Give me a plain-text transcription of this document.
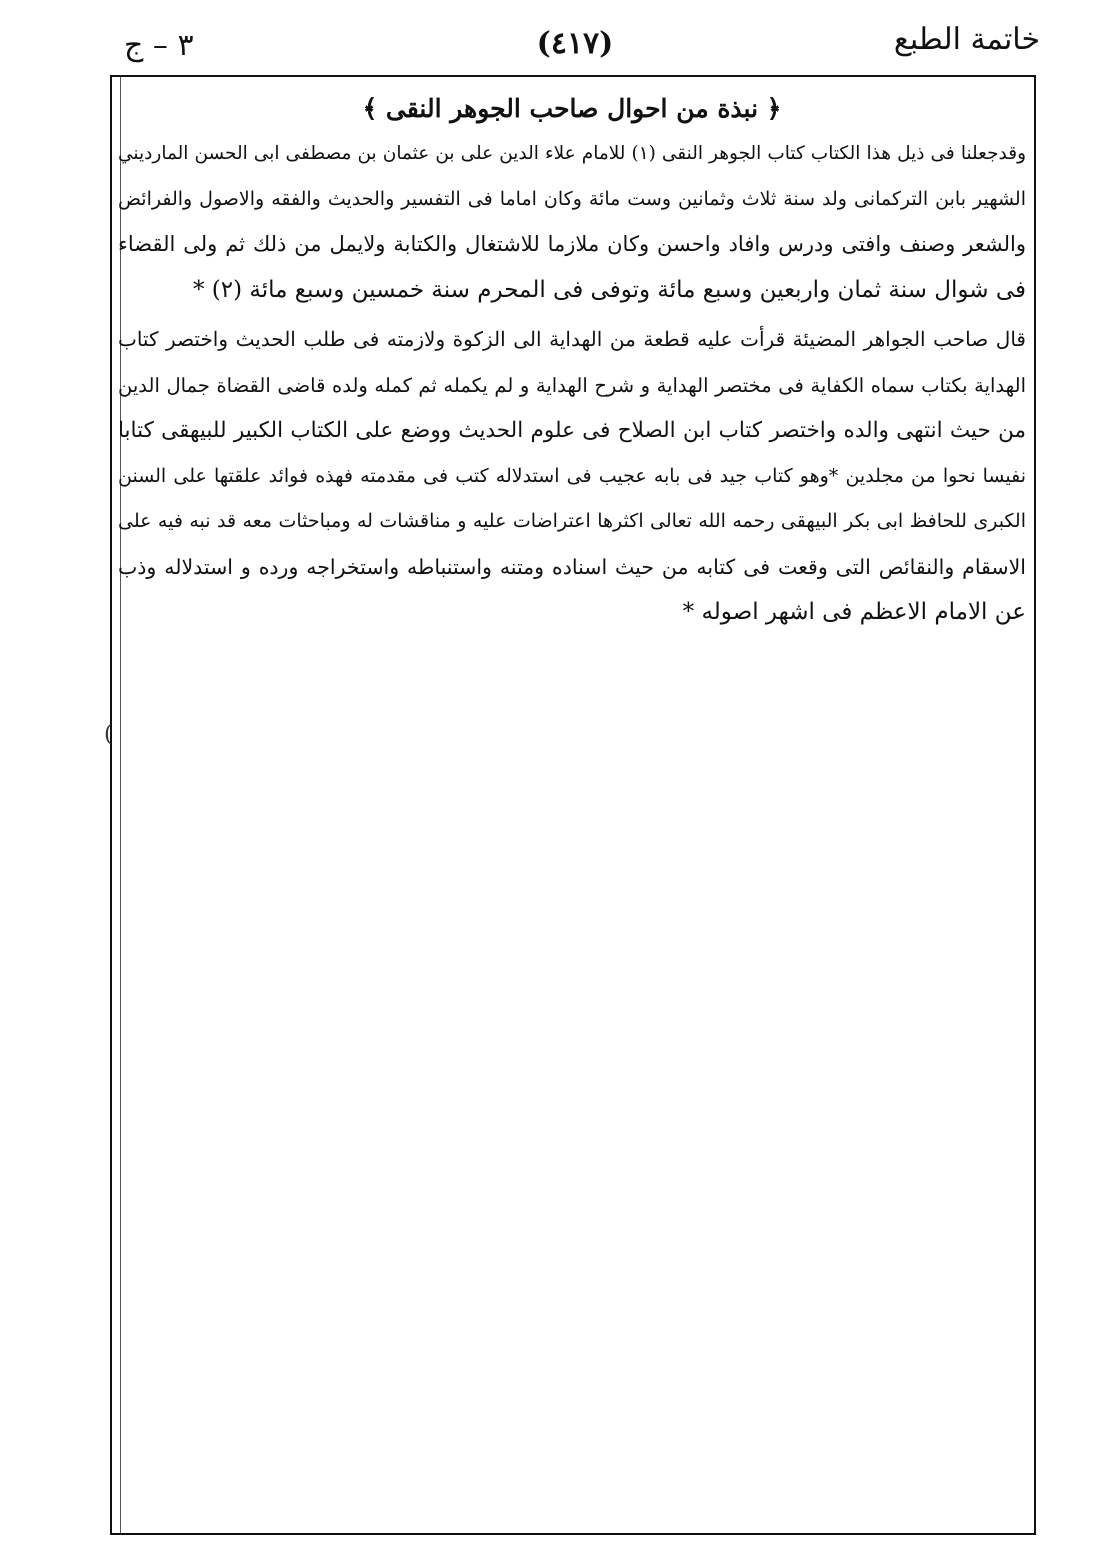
٣ – ج	(٤١٧)	خاتمة الطبع
﴿ نبذة من احوال صاحب الجوهر النقى ﴾
وقدجعلنا فى ذيل هذا الكتاب كتاب الجوهر النقى (١) للامام علاء الدين على بن عثمان بن مصطفى ابى الحسن المارديني
الشهير بابن التركمانى ولد سنة ثلاث وثمانين وست مائة وكان اماما فى التفسير والحديث والفقه والاصول والفرائض
والشعر وصنف وافتى ودرس وافاد واحسن وكان ملازما للاشتغال والكتابة ولايمل من ذلك ثم ولى القضاء
فى شوال سنة ثمان واربعين وسبع مائة وتوفى فى المحرم سنة خمسين وسبع مائة (٢) *
قال صاحب الجواهر المضيئة قرأت عليه قطعة من الهداية الى الزكوة ولازمته فى طلب الحديث واختصر كتاب
الهداية بكتاب سماه الكفاية فى مختصر الهداية و شرح الهداية و لم يكمله ثم كمله ولده قاضى القضاة جمال الدين
من حيث انتهى والده واختصر كتاب ابن الصلاح فى علوم الحديث ووضع على الكتاب الكبير للبيهقى كتابا
نفيسا نحوا من مجلدين *وهو كتاب جيد فى بابه عجيب فى استدلاله كتب فى مقدمته فهذه فوائد علقتها على السنن
الكبرى للحافظ ابى بكر البيهقى رحمه الله تعالى اكثرها اعتراضات عليه و مناقشات له ومباحثات معه قد نبه فيه على
الاسقام والنقائص التى وقعت فى كتابه من حيث اسناده ومتنه واستنباطه واستخراجه ورده و استدلاله وذب
عن الامام الاعظم فى اشهر اصوله *
(
